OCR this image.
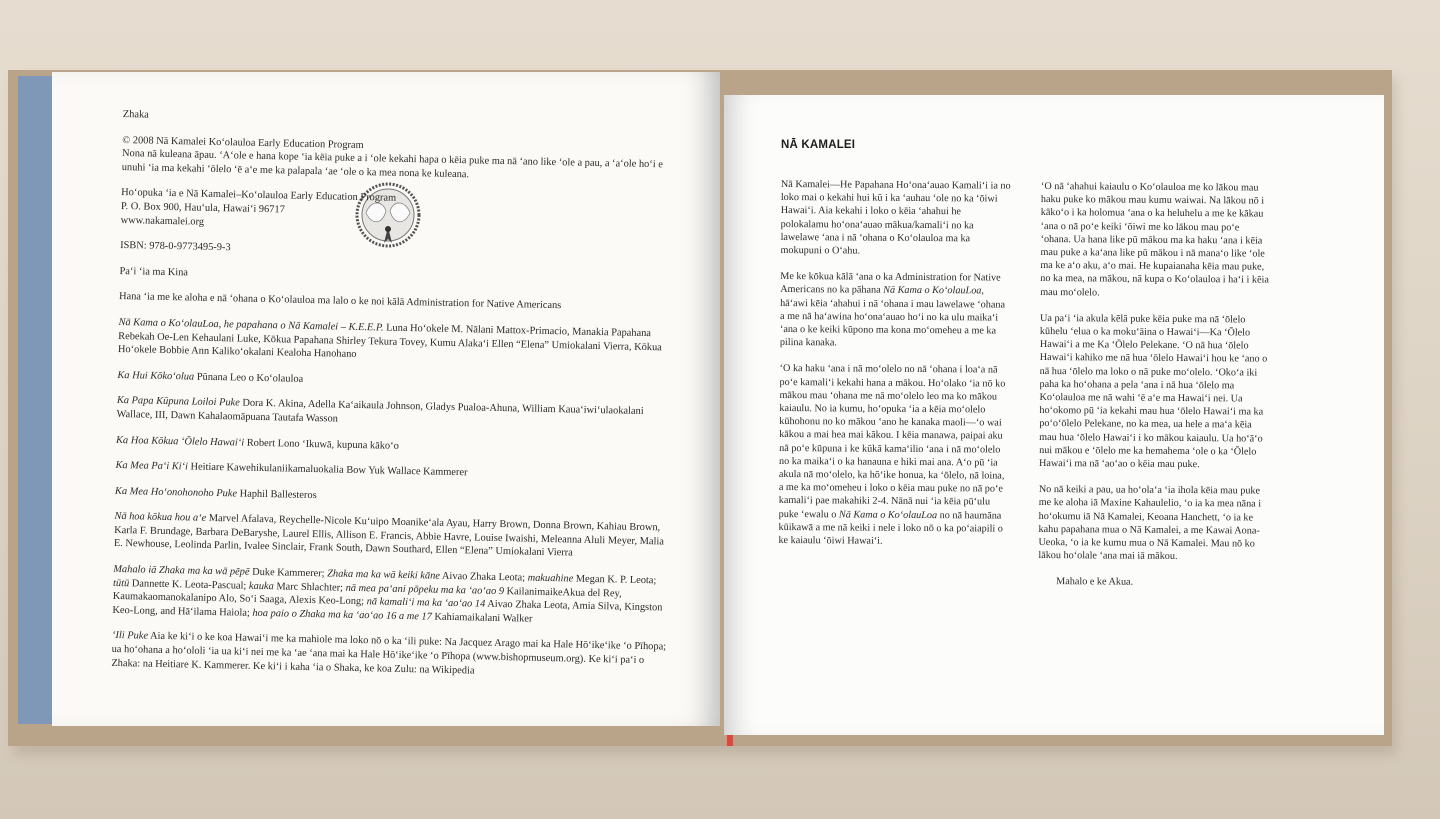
Zhaka

© 2008 Nā Kamalei Koʻolauloa Early Education Program

Nona nā kuleana āpau. ʻAʻole e hana kope ʻia kēia puke a i ʻole kekahi hapa o kēia puke ma nā ʻano like ʻole a pau, a ʻaʻole hoʻi e unuhi ʻia ma kekahi ʻōlelo ʻē aʻe me ka palapala ʻae ʻole o ka mea nona ke kuleana.

Hoʻopuka ʻia e Nā Kamalei–Koʻolauloa Early Education Program

P. O. Box 900, Hauʻula, Hawaiʻi 96717

www.nakamalei.org

ISBN: 978-0-9773495-9-3

Paʻi ʻia ma Kina

Hana ʻia me ke aloha e nā ʻohana o Koʻolauloa ma lalo o ke noi kālā Administration for Native Americans

Nā Kama o KoʻolauLoa, he papahana o Nā Kamalei – K.E.E.P. Luna Hoʻokele M. Nālani Mattox-Primacio, Manakia Papahana Rebekah Oe-Len Kehaulani Luke, Kōkua Papahana Shirley Tekura Tovey, Kumu Alakaʻi Ellen “Elena” Umiokalani Vierra, Kōkua Hoʻokele Bobbie Ann Kalikoʻokalani Kealoha Hanohano

Ka Hui Kōkoʻolua Pūnana Leo o Koʻolauloa

Ka Papa Kūpuna Loiloi Puke Dora K. Akina, Adella Kaʻaikaula Johnson, Gladys Pualoa-Ahuna, William Kauaʻiwiʻulaokalani Wallace, III, Dawn Kahalaomāpuana Tautafa Wasson

Ka Hoa Kōkua ʻŌlelo Hawaiʻi Robert Lono ʻIkuwā, kupuna kākoʻo

Ka Mea Paʻi Kiʻi Heitiare Kawehikulaniikamaluokalia Bow Yuk Wallace Kammerer

Ka Mea Hoʻonohonoho Puke Haphil Ballesteros

Nā hoa kōkua hou aʻe Marvel Afalava, Reychelle-Nicole Kuʻuipo Moanikeʻala Ayau, Harry Brown, Donna Brown, Kahiau Brown, Karla F. Brundage, Barbara DeBaryshe, Laurel Ellis, Allison E. Francis, Abbie Havre, Louise Iwaishi, Meleanna Aluli Meyer, Malia E. Newhouse, Leolinda Parlin, Ivalee Sinclair, Frank South, Dawn Southard, Ellen “Elena” Umiokalani Vierra

Mahalo iā Zhaka ma ka wā pēpē Duke Kammerer; Zhaka ma ka wā keiki kāne Aivao Zhaka Leota; makuahine Megan K. P. Leota; tūtū Dannette K. Leota-Pascual; kauka Marc Shlachter; nā mea paʻani pōpeku ma ka ʻaoʻao 9 KailanimaikeAkua del Rey, Kaumakaomanokalanipo Alo, Soʻi Saaga, Alexis Keo-Long; nā kamaliʻi ma ka ʻaoʻao 14 Aivao Zhaka Leota, Amia Silva, Kingston Keo-Long, and Hāʻilama Haiola; hoa paio o Zhaka ma ka ʻaoʻao 16 a me 17 Kahiamaikalani Walker

ʻIli Puke Aia ke kiʻi o ke koa Hawaiʻi me ka mahiole ma loko nō o ka ʻili puke: Na Jacquez Arago mai ka Hale Hōʻikeʻike ʻo Pīhopa; ua hoʻohana a hoʻololi ʻia ua kiʻi nei me ka ʻae ʻana mai ka Hale Hōʻikeʻike ʻo Pīhopa (www.bishopmuseum.org). Ke kiʻi paʻi o Zhaka: na Heitiare K. Kammerer. Ke kiʻi i kaha ʻia o Shaka, ke koa Zulu: na Wikipedia

NĀ KAMALEI

Nā Kamalei—He Papahana Hoʻonaʻauao Kamaliʻi ia no loko mai o kekahi hui kū i ka ʻauhau ʻole no ka ʻōiwi Hawaiʻi. Aia kekahi i loko o kēia ʻahahui he polokalamu hoʻonaʻauao mākua/kamaliʻi no ka lawelawe ʻana i nā ʻohana o Koʻolauloa ma ka mokupuni o Oʻahu.

Me ke kōkua kālā ʻana o ka Administration for Native Americans no ka pāhana Nā Kama o KoʻolauLoa, hāʻawi kēia ʻahahui i nā ʻohana i mau lawelawe ʻohana a me nā haʻawina hoʻonaʻauao hoʻi no ka ulu maikaʻi ʻana o ke keiki kūpono ma kona moʻomeheu a me ka pilina kanaka.

ʻO ka haku ʻana i nā moʻolelo no nā ʻohana i loaʻa nā poʻe kamaliʻi kekahi hana a mākou. Hoʻolako ʻia nō ko mākou mau ʻohana me nā moʻolelo leo ma ko mākou kaiaulu. No ia kumu, hoʻopuka ʻia a kēia moʻolelo kūhohonu no ko mākou ʻano he kanaka maoli—ʻo wai kākou a mai hea mai kākou. I kēia manawa, paipai aku nā poʻe kūpuna i ke kūkā kamaʻilio ʻana i nā moʻolelo no ka maikaʻi o ka hanauna e hiki mai ana. Aʻo pū ʻia akula nā moʻolelo, ka hōʻike honua, ka ʻōlelo, nā loina, a me ka moʻomeheu i loko o kēia mau puke no nā poʻe kamaliʻi pae makahiki 2-4. Nānā nui ʻia kēia pūʻulu puke ʻewalu o Nā Kama o KoʻolauLoa no nā haumāna kūikawā a me nā keiki i nele i loko nō o ka poʻaiapili o ke kaiaulu ʻōiwi Hawaiʻi.

ʻO nā ʻahahui kaiaulu o Koʻolauloa me ko lākou mau haku puke ko mākou mau kumu waiwai. Na lākou nō i kākoʻo i ka holomua ʻana o ka heluhelu a me ke kākau ʻana o nā poʻe keiki ʻōiwi me ko lākou mau poʻe ʻohana. Ua hana like pū mākou ma ka haku ʻana i kēia mau puke a kaʻana like pū mākou i nā manaʻo like ʻole ma ke aʻo aku, aʻo mai. He kupaianaha kēia mau puke, no ka mea, na mākou, nā kupa o Koʻolauloa i haʻi i kēia mau moʻolelo.

Ua paʻi ʻia akula kēlā puke kēia puke ma nā ʻōlelo kūhelu ʻelua o ka mokuʻāina o Hawaiʻi—Ka ʻŌlelo Hawaiʻi a me Ka ʻŌlelo Pelekane. ʻO nā hua ʻōlelo Hawaiʻi kahiko me nā hua ʻōlelo Hawaiʻi hou ke ʻano o nā hua ʻōlelo ma loko o nā puke moʻolelo. ʻOkoʻa iki paha ka hoʻohana a pela ʻana i nā hua ʻōlelo ma Koʻolauloa me nā wahi ʻē aʻe ma Hawaiʻi nei. Ua hoʻokomo pū ʻia kekahi mau hua ʻōlelo Hawaiʻi ma ka poʻoʻōlelo Pelekane, no ka mea, ua hele a maʻa kēia mau hua ʻōlelo Hawaiʻi i ko mākou kaiaulu. Ua hoʻāʻo nui mākou e ʻōlelo me ka hemahema ʻole o ka ʻŌlelo Hawaiʻi ma nā ʻaoʻao o kēia mau puke.

No nā keiki a pau, ua hoʻolaʻa ʻia ihola kēia mau puke me ke aloha iā Maxine Kahaulelio, ʻo ia ka mea nāna i hoʻokumu iā Nā Kamalei, Keoana Hanchett, ʻo ia ke kahu papahana mua o Nā Kamalei, a me Kawai Aona-Ueoka, ʻo ia ke kumu mua o Nā Kamalei. Mau nō ko lākou hoʻolale ʻana mai iā mākou.

Mahalo e ke Akua.
